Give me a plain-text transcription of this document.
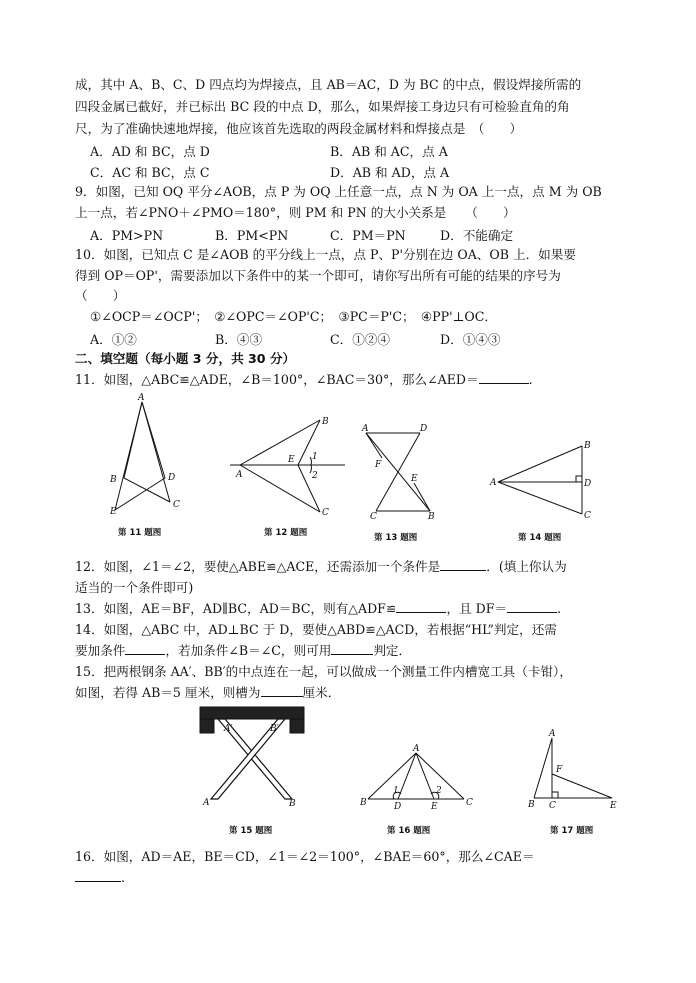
成，其中 A、B、C、D 四点均为焊接点，且 AB＝AC，D 为 BC 的中点，假设焊接所需的
四段金属已截好，并已标出 BC 段的中点 D，那么，如果焊接工身边只有可检验直角的角
尺，为了准确快速地焊接，他应该首先选取的两段金属材料和焊接点是　（　　）
A．AD 和 BC，点 D	B．AB 和 AC，点 A
C．AC 和 BC，点 C	D．AB 和 AD，点 A
9．如图，已知 OQ 平分∠AOB，点 P 为 OQ 上任意一点，点 N 为 OA 上一点，点 M 为 OB
上一点，若∠PNO＋∠PMO＝180°，则 PM 和 PN 的大小关系是　　（　　）
A．PM>PN	B．PM<PN	C．PM＝PN	D．不能确定
10．如图，已知点 C 是∠AOB 的平分线上一点，点 P、P'分别在边 OA、OB 上．如果要
得到 OP＝OP'，需要添加以下条件中的某一个即可，请你写出所有可能的结果的序号为
（　　）
①∠OCP＝∠OCP'；　②∠OPC＝∠OP'C；　③PC＝P'C；　④PP'⊥OC．
A．①②	B．④③	C．①②④	D．①④③
二、填空题（每小题 3 分，共 30 分）
11．如图，△ABC≌△ADE，∠B＝100°，∠BAC＝30°，那么∠AED＝	.
A
B	D
E
C
第 11 题图
A
E 1
2
B
C
第 12 题图
A	D
F
E
C	B
第 13 题图
A
B
D
C
第 14 题图
12．如图，∠1＝∠2，要使△ABE≌△ACE，还需添加一个条件是	．(填上你认为
适当的一个条件即可)
13．如图，AE＝BF，AD∥BC，AD＝BC，则有△ADF≌	，且 DF＝	.
14．如图，△ABC 中，AD⊥BC 于 D，要使△ABD≌△ACD，若根据“HL”判定，还需
要加条件	，若加条件∠B＝∠C，则可用	判定．
15．把两根钢条 AA′、BB′的中点连在一起，可以做成一个测量工件内槽宽工具（卡钳），
如图，若得 AB＝5 厘米，则槽为	厘米．
A′	B′
A	B
第 15 题图
A
B	D	E	C
1	2
第 16 题图
A
F
B C	E
第 17 题图
16．如图，AD＝AE，BE＝CD，∠1＝∠2＝100°，∠BAE＝60°，那么∠CAE＝
.
